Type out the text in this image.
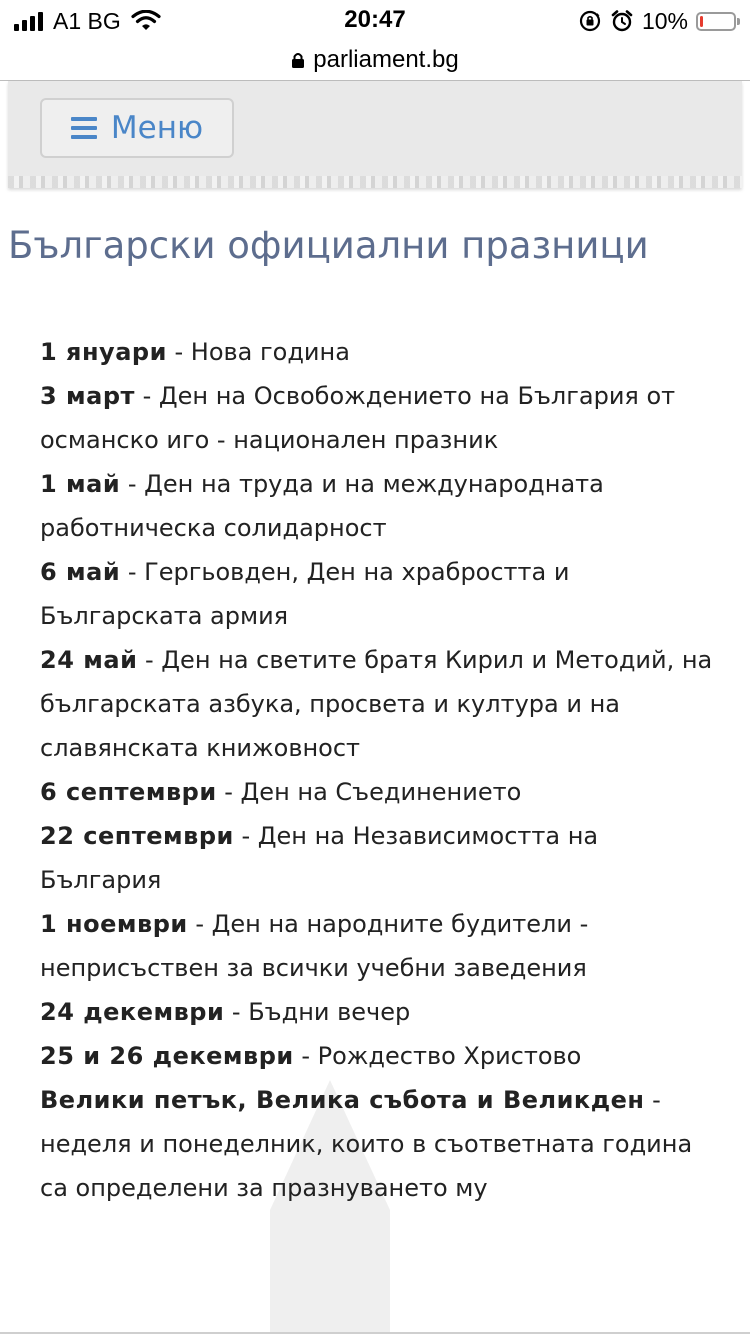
A1 BG	20:47	10%
parliament.bg
Меню
Български официални празници
1 януари - Нова година
3 март - Ден на Освобождението на България от османско иго - национален празник
1 май - Ден на труда и на международната работническа солидарност
6 май - Гергьовден, Ден на храбростта и Българската армия
24 май - Ден на светите братя Кирил и Методий, на българската азбука, просвета и култура и на славянската книжовност
6 септември - Ден на Съединението
22 септември - Ден на Независимостта на България
1 ноември - Ден на народните будители - неприсъствен за всички учебни заведения
24 декември - Бъдни вечер
25 и 26 декември - Рождество Христово
Велики петък, Велика събота и Великден - неделя и понеделник, които в съответната година са определени за празнуването му
